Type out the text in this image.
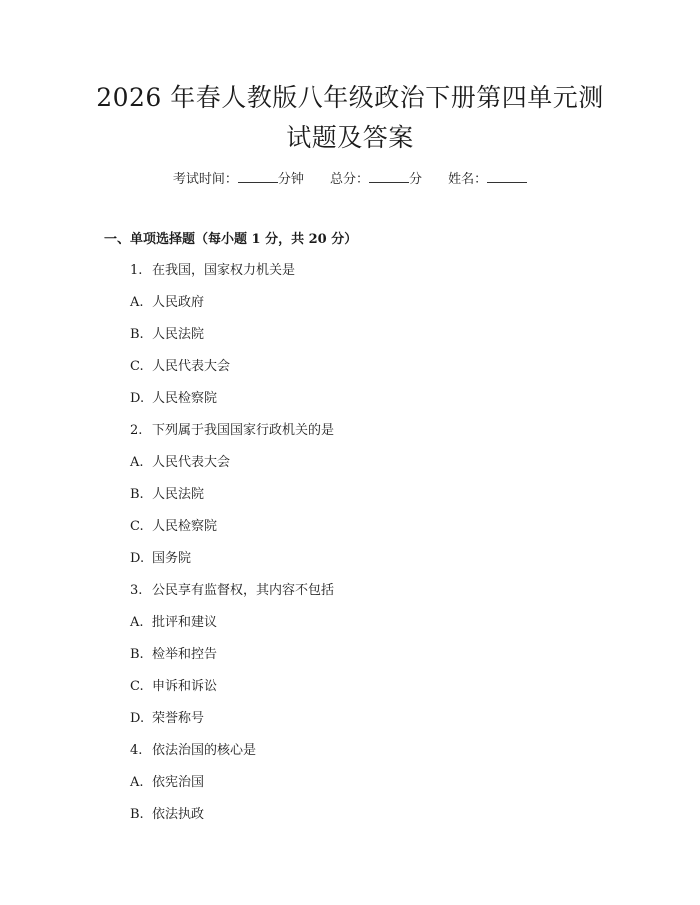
2026 年春人教版八年级政治下册第四单元测
试题及答案
考试时间：	分钟 总分：	分 姓名：
一、单项选择题（每小题 1 分，共 20 分）
1. 在我国，国家权力机关是
A. 人民政府
B. 人民法院
C. 人民代表大会
D. 人民检察院
2. 下列属于我国国家行政机关的是
A. 人民代表大会
B. 人民法院
C. 人民检察院
D. 国务院
3. 公民享有监督权，其内容不包括
A. 批评和建议
B. 检举和控告
C. 申诉和诉讼
D. 荣誉称号
4. 依法治国的核心是
A. 依宪治国
B. 依法执政
